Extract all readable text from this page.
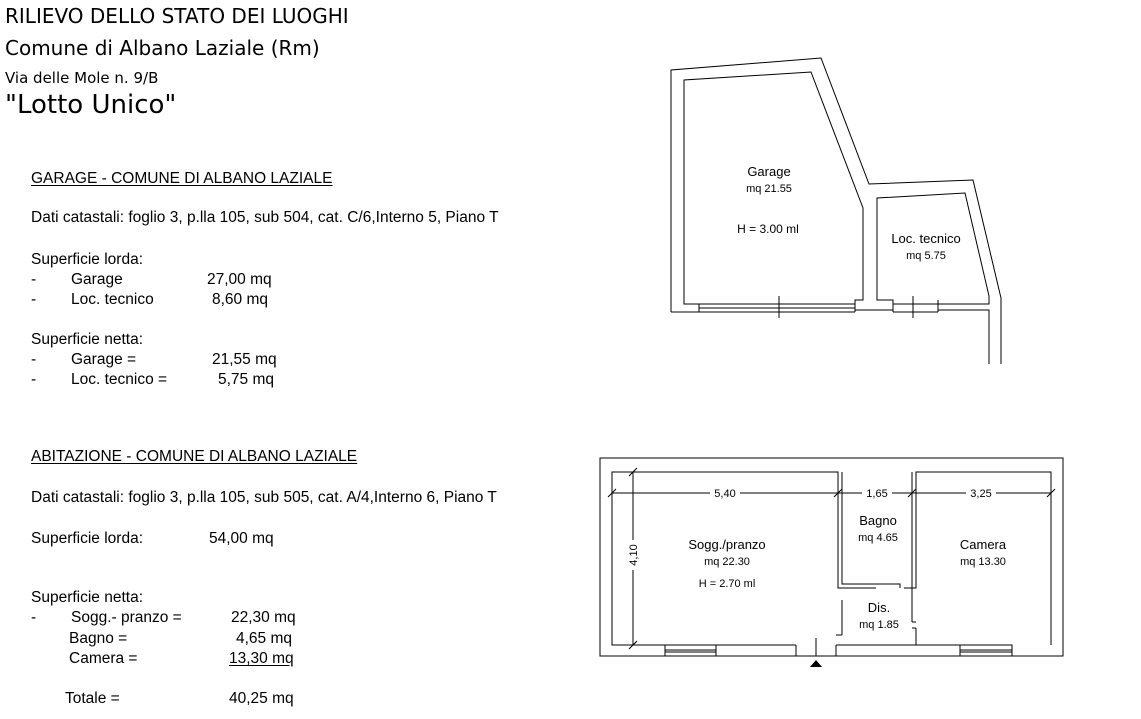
RILIEVO DELLO STATO DEI LUOGHI
Comune di Albano Laziale (Rm)
Via delle Mole n. 9/B
"Lotto Unico"
GARAGE - COMUNE DI ALBANO LAZIALE
Dati catastali: foglio 3, p.lla 105, sub 504, cat. C/6,Interno 5, Piano T
Superficie lorda:
- Garage	27,00 mq
- Loc. tecnico	8,60 mq
Superficie netta:
- Garage =	21,55 mq
- Loc. tecnico =	5,75 mq
ABITAZIONE - COMUNE DI ALBANO LAZIALE
Dati catastali: foglio 3, p.lla 105, sub 505, cat. A/4,Interno 6, Piano T
Superficie lorda:	54,00 mq
Superficie netta:
- Sogg.- pranzo =	22,30 mq
Bagno =	4,65 mq
Camera =	13,30 mq
Totale =	40,25 mq
Garage
mq 21.55
H = 3.00 ml
Loc. tecnico
mq 5.75
5,40	1,65	3,25
4,10	Sogg./pranzo
mq 22.30
H = 2.70 ml
Bagno
mq 4.65
Dis.
mq 1.85
Camera
mq 13.30
